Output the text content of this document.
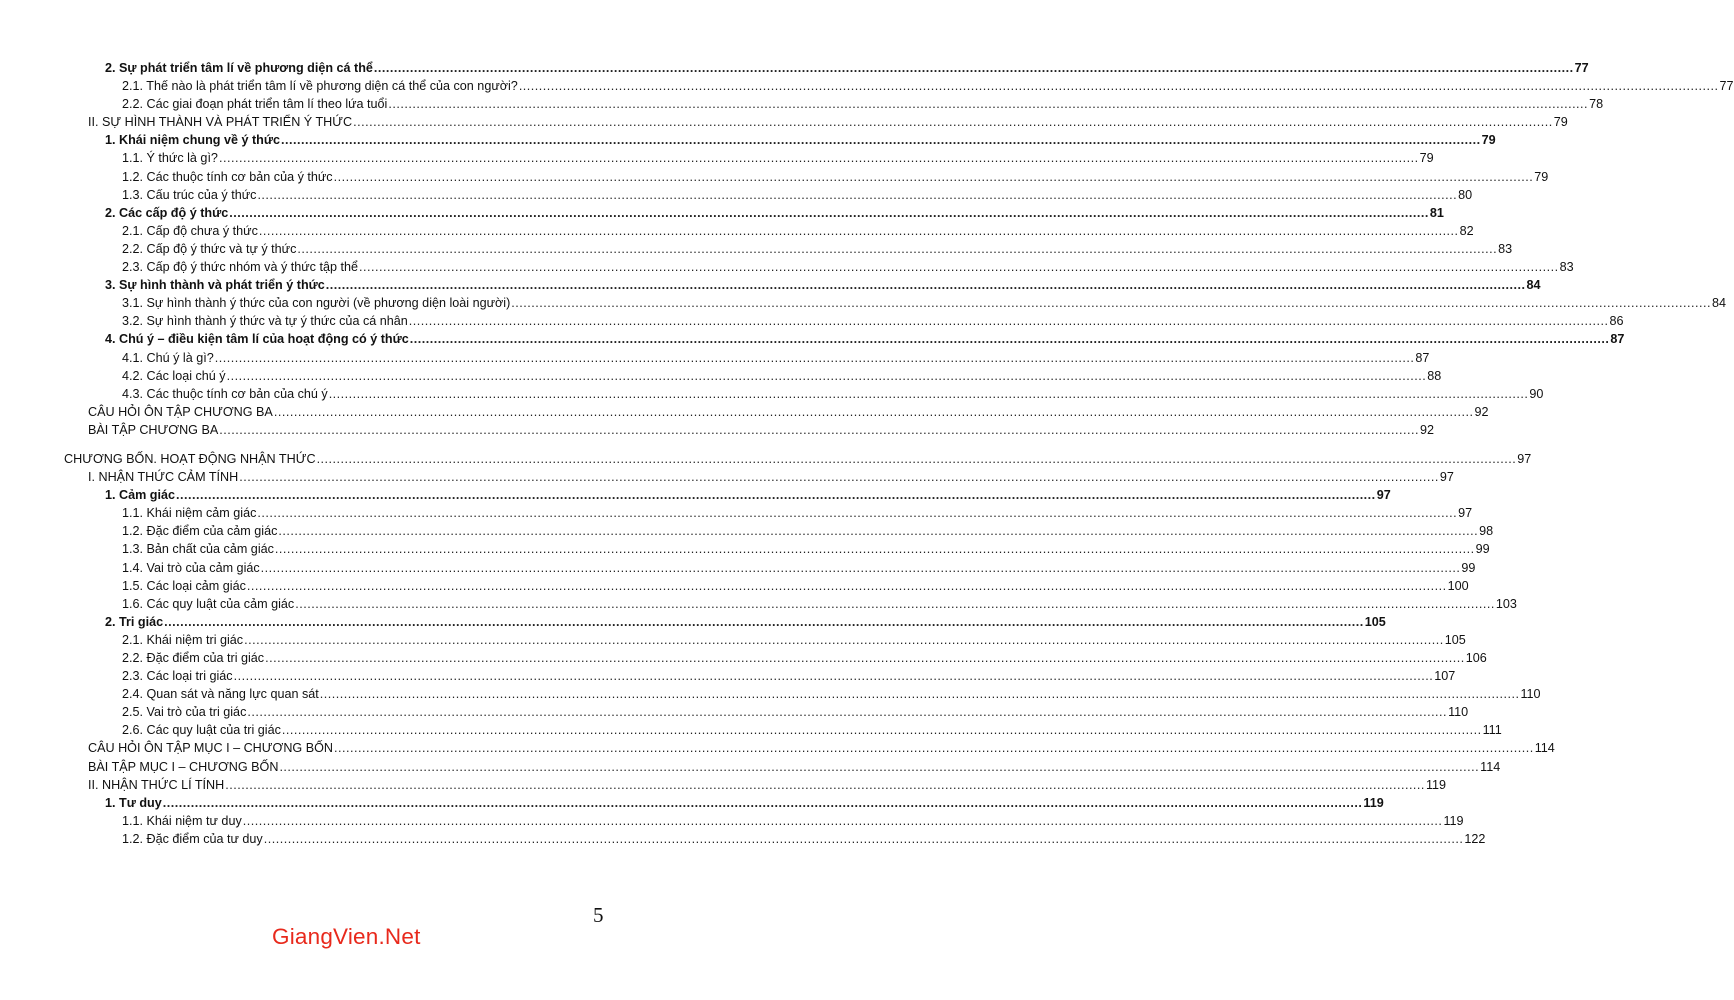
2. Sự phát triển tâm lí về phương diện cá thể ............................................................................................................................................................................................................................................................................................................ 77
2.1. Thế nào là phát triển tâm lí về phương diện cá thể của con người? ............................................................................................................................................................................................................................................................................................................ 77
2.2. Các giai đoạn phát triển tâm lí theo lứa tuổi ............................................................................................................................................................................................................................................................................................................ 78
II. SỰ HÌNH THÀNH VÀ PHÁT TRIỂN Ý THỨC ............................................................................................................................................................................................................................................................................................................ 79
1. Khái niệm chung về ý thức ............................................................................................................................................................................................................................................................................................................ 79
1.1. Ý thức là gì? ............................................................................................................................................................................................................................................................................................................ 79
1.2. Các thuộc tính cơ bản của ý thức ............................................................................................................................................................................................................................................................................................................ 79
1.3. Cấu trúc của ý thức ............................................................................................................................................................................................................................................................................................................ 80
2. Các cấp độ ý thức ............................................................................................................................................................................................................................................................................................................ 81
2.1. Cấp độ chưa ý thức ............................................................................................................................................................................................................................................................................................................ 82
2.2. Cấp độ ý thức và tự ý thức ............................................................................................................................................................................................................................................................................................................ 83
2.3. Cấp độ ý thức nhóm và ý thức tập thể ............................................................................................................................................................................................................................................................................................................ 83
3. Sự hình thành và phát triển ý thức ............................................................................................................................................................................................................................................................................................................ 84
3.1. Sự hình thành ý thức của con người (về phương diện loài người) ............................................................................................................................................................................................................................................................................................................ 84
3.2. Sự hình thành ý thức và tự ý thức của cá nhân ............................................................................................................................................................................................................................................................................................................ 86
4. Chú ý – điều kiện tâm lí của hoạt động có ý thức ............................................................................................................................................................................................................................................................................................................ 87
4.1. Chú ý là gì? ............................................................................................................................................................................................................................................................................................................ 87
4.2. Các loại chú ý ............................................................................................................................................................................................................................................................................................................ 88
4.3. Các thuộc tính cơ bản của chú ý ............................................................................................................................................................................................................................................................................................................ 90
CÂU HỎI ÔN TẬP CHƯƠNG BA ............................................................................................................................................................................................................................................................................................................ 92
BÀI TẬP CHƯƠNG BA ............................................................................................................................................................................................................................................................................................................ 92
CHƯƠNG BỐN. HOẠT ĐỘNG NHẬN THỨC ............................................................................................................................................................................................................................................................................................................ 97
I. NHẬN THỨC CẢM TÍNH ............................................................................................................................................................................................................................................................................................................ 97
1. Cảm giác ............................................................................................................................................................................................................................................................................................................ 97
1.1. Khái niệm cảm giác ............................................................................................................................................................................................................................................................................................................ 97
1.2. Đặc điểm của cảm giác ............................................................................................................................................................................................................................................................................................................ 98
1.3. Bản chất của cảm giác ............................................................................................................................................................................................................................................................................................................ 99
1.4. Vai trò của cảm giác ............................................................................................................................................................................................................................................................................................................ 99
1.5. Các loại cảm giác ............................................................................................................................................................................................................................................................................................................ 100
1.6. Các quy luật của cảm giác ............................................................................................................................................................................................................................................................................................................ 103
2. Tri giác ............................................................................................................................................................................................................................................................................................................ 105
2.1. Khái niệm tri giác ............................................................................................................................................................................................................................................................................................................ 105
2.2. Đặc điểm của tri giác ............................................................................................................................................................................................................................................................................................................ 106
2.3. Các loại tri giác ............................................................................................................................................................................................................................................................................................................ 107
2.4. Quan sát và năng lực quan sát ............................................................................................................................................................................................................................................................................................................ 110
2.5. Vai trò của tri giác ............................................................................................................................................................................................................................................................................................................ 110
2.6. Các quy luật của tri giác ............................................................................................................................................................................................................................................................................................................ 111
CÂU HỎI ÔN TẬP MỤC I – CHƯƠNG BỐN ............................................................................................................................................................................................................................................................................................................ 114
BÀI TẬP MỤC I – CHƯƠNG BỐN ............................................................................................................................................................................................................................................................................................................ 114
II. NHẬN THỨC LÍ TÍNH ............................................................................................................................................................................................................................................................................................................ 119
1. Tư duy ............................................................................................................................................................................................................................................................................................................ 119
1.1. Khái niệm tư duy ............................................................................................................................................................................................................................................................................................................ 119
1.2. Đặc điểm của tư duy ............................................................................................................................................................................................................................................................................................................ 122
5
GiangVien.Net
